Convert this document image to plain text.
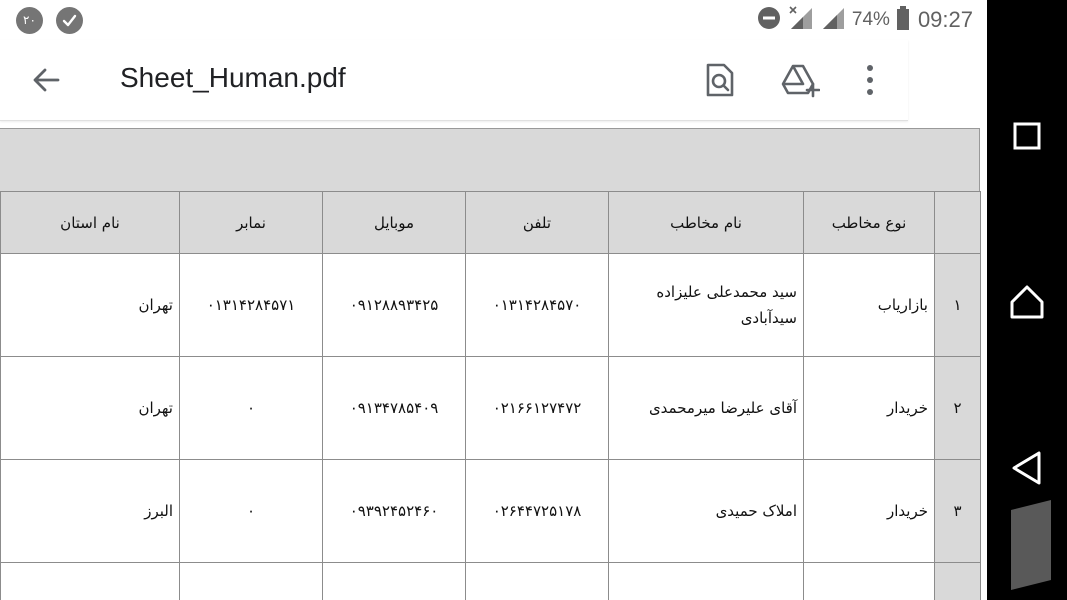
۲۰	74% 09:27
Sheet_Human.pdf
نام استان	نمابر	موبایل	تلفن	نام مخاطب	نوع مخاطب	
تهران	۰۱۳۱۴۲۸۴۵۷۱	۰۹۱۲۸۸۹۳۴۲۵	۰۱۳۱۴۲۸۴۵۷۰	سید محمدعلی علیزاده سیدآبادی	بازاریاب	۱
تهران	۰	۰۹۱۳۴۷۸۵۴۰۹	۰۲۱۶۶۱۲۷۴۷۲	آقای علیرضا میرمحمدی	خریدار	۲
البرز	۰	۰۹۳۹۲۴۵۲۴۶۰	۰۲۶۴۴۷۲۵۱۷۸	املاک حمیدی	خریدار	۳
